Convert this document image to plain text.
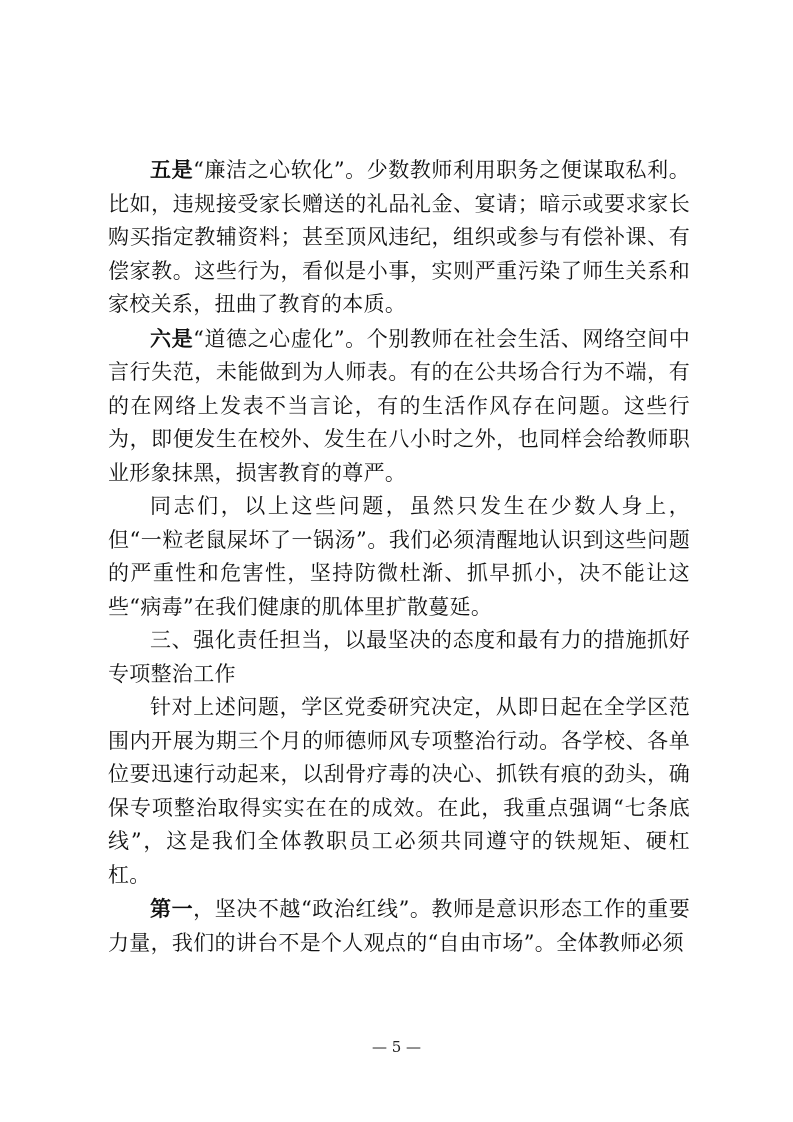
五是“廉洁之心软化”。少数教师利用职务之便谋取私利。比如，违规接受家长赠送的礼品礼金、宴请；暗示或要求家长购买指定教辅资料；甚至顶风违纪，组织或参与有偿补课、有偿家教。这些行为，看似是小事，实则严重污染了师生关系和家校关系，扭曲了教育的本质。

六是“道德之心虚化”。个别教师在社会生活、网络空间中言行失范，未能做到为人师表。有的在公共场合行为不端，有的在网络上发表不当言论，有的生活作风存在问题。这些行为，即便发生在校外、发生在八小时之外，也同样会给教师职业形象抹黑，损害教育的尊严。

同志们，以上这些问题，虽然只发生在少数人身上，但“一粒老鼠屎坏了一锅汤”。我们必须清醒地认识到这些问题的严重性和危害性，坚持防微杜渐、抓早抓小，决不能让这些“病毒”在我们健康的肌体里扩散蔓延。

三、强化责任担当，以最坚决的态度和最有力的措施抓好专项整治工作

针对上述问题，学区党委研究决定，从即日起在全学区范围内开展为期三个月的师德师风专项整治行动。各学校、各单位要迅速行动起来，以刮骨疗毒的决心、抓铁有痕的劲头，确保专项整治取得实实在在的成效。在此，我重点强调“七条底线”，这是我们全体教职员工必须共同遵守的铁规矩、硬杠杠。

第一，坚决不越“政治红线”。教师是意识形态工作的重要力量，我们的讲台不是个人观点的“自由市场”。全体教师必须

— 5 —
